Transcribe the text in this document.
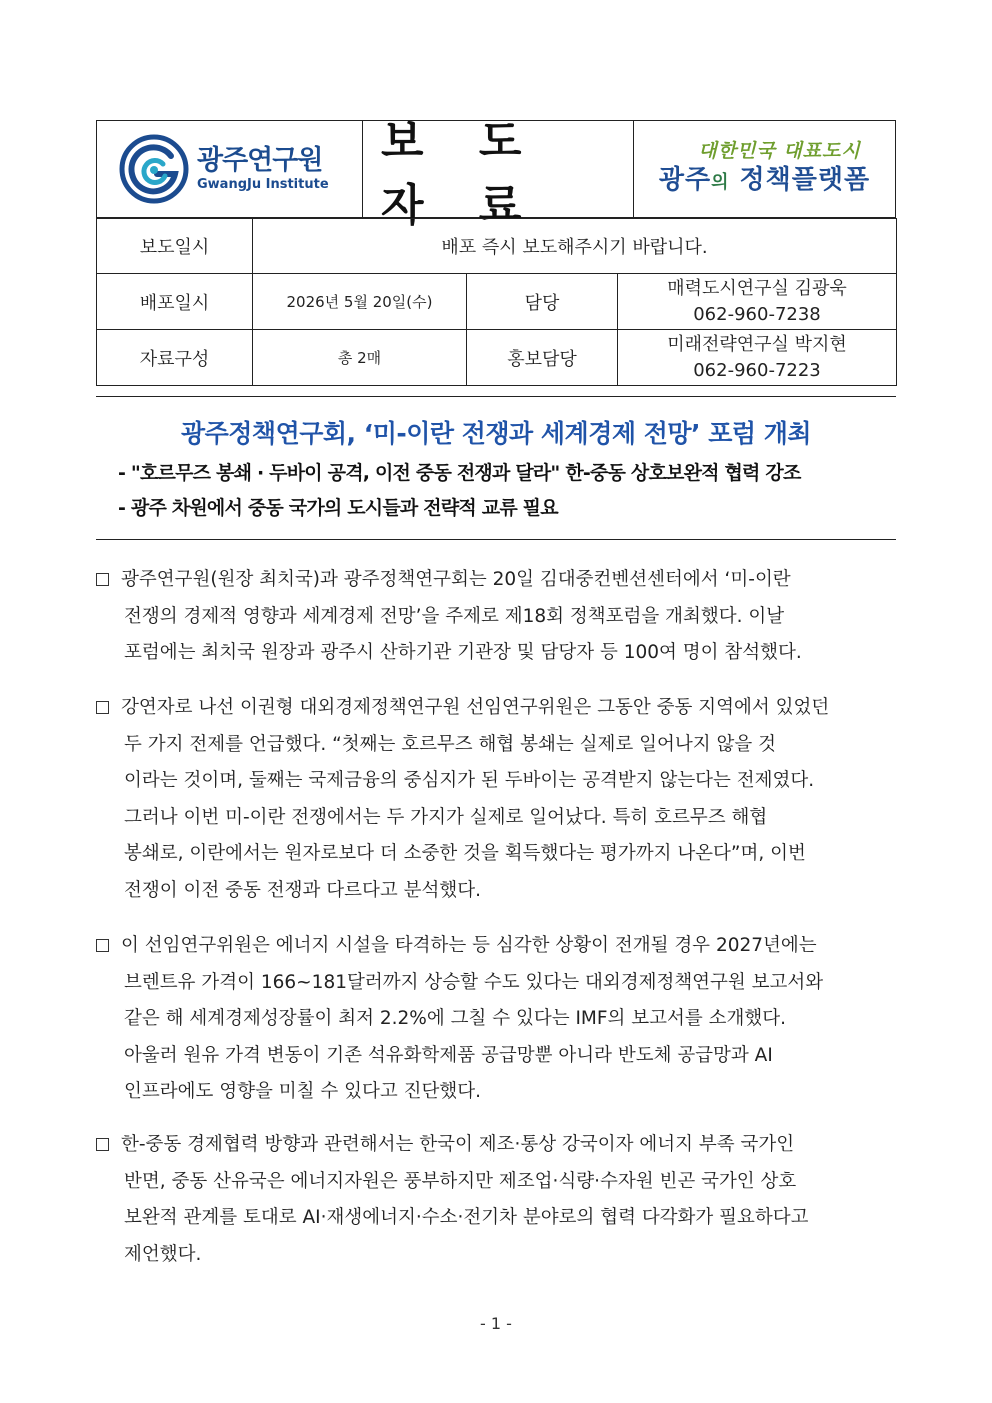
광주연구원
GwangJu Institute
보 도 자 료
대한민국 대표도시
광주의 정책플랫폼
보도일시	배포 즉시 보도해주시기 바랍니다.		
배포일시	2026년 5월 20일(수)	담당	매력도시연구실 김광욱
062-960-7238

자료구성	총 2매	홍보담당	미래전략연구실 박지현
062-960-7223
광주정책연구회, ‘미-이란 전쟁과 세계경제 전망’ 포럼 개최
- "호르무즈 봉쇄 · 두바이 공격, 이전 중동 전쟁과 달라" 한-중동 상호보완적 협력 강조
- 광주 차원에서 중동 국가의 도시들과 전략적 교류 필요
광주연구원(원장 최치국)과 광주정책연구회는 20일 김대중컨벤션센터에서 ‘미-이란
전쟁의 경제적 영향과 세계경제 전망’을 주제로 제18회 정책포럼을 개최했다. 이날
포럼에는 최치국 원장과 광주시 산하기관 기관장 및 담당자 등 100여 명이 참석했다.
강연자로 나선 이권형 대외경제정책연구원 선임연구위원은 그동안 중동 지역에서 있었던
두 가지 전제를 언급했다. “첫째는 호르무즈 해협 봉쇄는 실제로 일어나지 않을 것
이라는 것이며, 둘째는 국제금융의 중심지가 된 두바이는 공격받지 않는다는 전제였다.
그러나 이번 미-이란 전쟁에서는 두 가지가 실제로 일어났다. 특히 호르무즈 해협
봉쇄로, 이란에서는 원자로보다 더 소중한 것을 획득했다는 평가까지 나온다”며, 이번
전쟁이 이전 중동 전쟁과 다르다고 분석했다.
이 선임연구위원은 에너지 시설을 타격하는 등 심각한 상황이 전개될 경우 2027년에는
브렌트유 가격이 166~181달러까지 상승할 수도 있다는 대외경제정책연구원 보고서와
같은 해 세계경제성장률이 최저 2.2%에 그칠 수 있다는 IMF의 보고서를 소개했다.
아울러 원유 가격 변동이 기존 석유화학제품 공급망뿐 아니라 반도체 공급망과 AI
인프라에도 영향을 미칠 수 있다고 진단했다.
한-중동 경제협력 방향과 관련해서는 한국이 제조·통상 강국이자 에너지 부족 국가인
반면, 중동 산유국은 에너지자원은 풍부하지만 제조업·식량·수자원 빈곤 국가인 상호
보완적 관계를 토대로 AI·재생에너지·수소·전기차 분야로의 협력 다각화가 필요하다고
제언했다.
- 1 -
